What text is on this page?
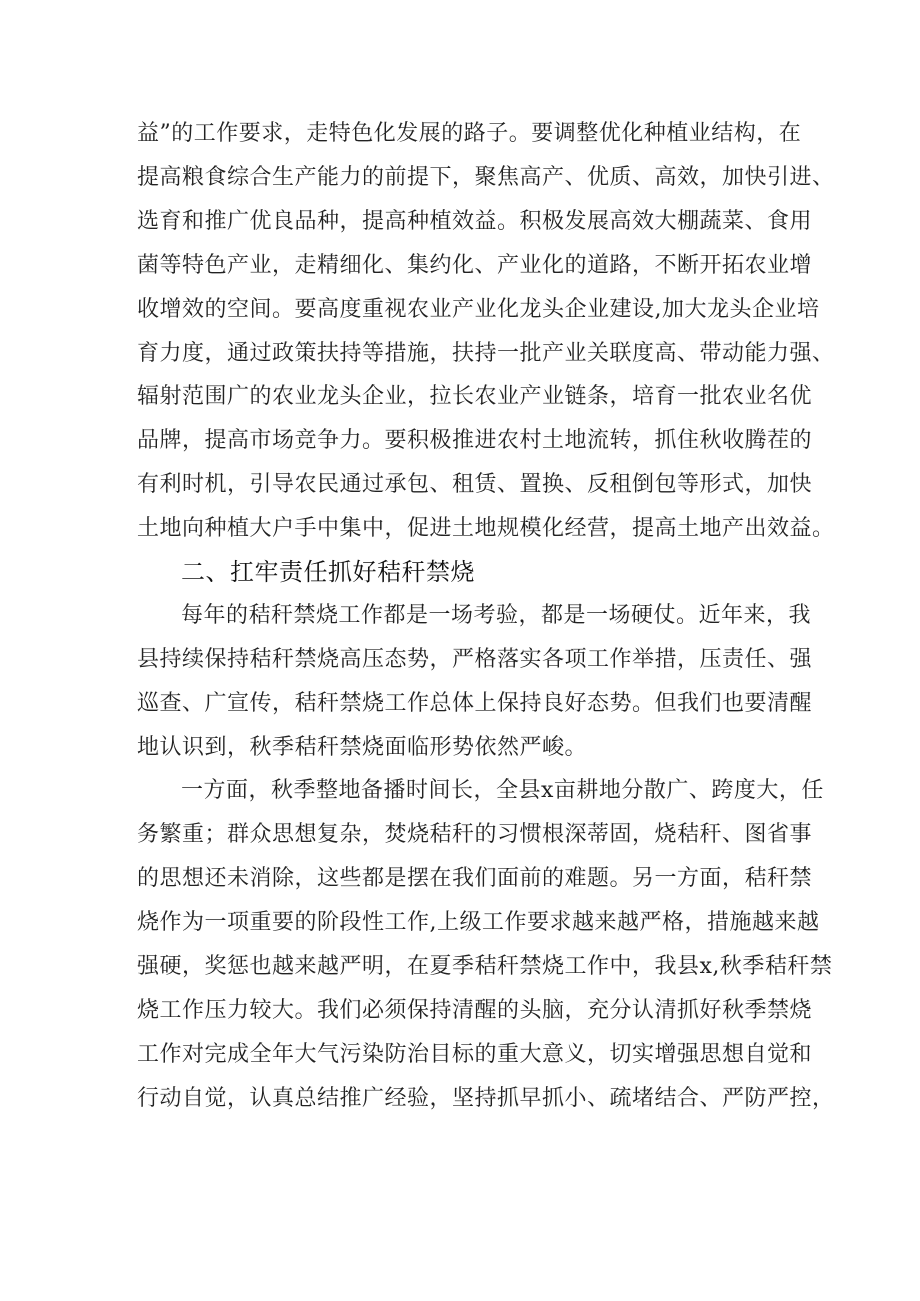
益”的工作要求，走特色化发展的路子。要调整优化种植业结构，在
提高粮食综合生产能力的前提下，聚焦高产、优质、高效，加快引进、
选育和推广优良品种，提高种植效益。积极发展高效大棚蔬菜、食用
菌等特色产业，走精细化、集约化、产业化的道路，不断开拓农业增
收增效的空间。要高度重视农业产业化龙头企业建设,加大龙头企业培
育力度，通过政策扶持等措施，扶持一批产业关联度高、带动能力强、
辐射范围广的农业龙头企业，拉长农业产业链条，培育一批农业名优
品牌，提高市场竞争力。要积极推进农村土地流转，抓住秋收腾茬的
有利时机，引导农民通过承包、租赁、置换、反租倒包等形式，加快
土地向种植大户手中集中，促进土地规模化经营，提高土地产出效益。
二、扛牢责任抓好秸秆禁烧
每年的秸秆禁烧工作都是一场考验，都是一场硬仗。近年来，我
县持续保持秸秆禁烧高压态势，严格落实各项工作举措，压责任、强
巡查、广宣传，秸秆禁烧工作总体上保持良好态势。但我们也要清醒
地认识到，秋季秸秆禁烧面临形势依然严峻。
一方面，秋季整地备播时间长，全县x亩耕地分散广、跨度大，任
务繁重；群众思想复杂，焚烧秸秆的习惯根深蒂固，烧秸秆、图省事
的思想还未消除，这些都是摆在我们面前的难题。另一方面，秸秆禁
烧作为一项重要的阶段性工作,上级工作要求越来越严格，措施越来越
强硬，奖惩也越来越严明，在夏季秸秆禁烧工作中，我县x,秋季秸秆禁
烧工作压力较大。我们必须保持清醒的头脑，充分认清抓好秋季禁烧
工作对完成全年大气污染防治目标的重大意义，切实增强思想自觉和
行动自觉，认真总结推广经验，坚持抓早抓小、疏堵结合、严防严控，
